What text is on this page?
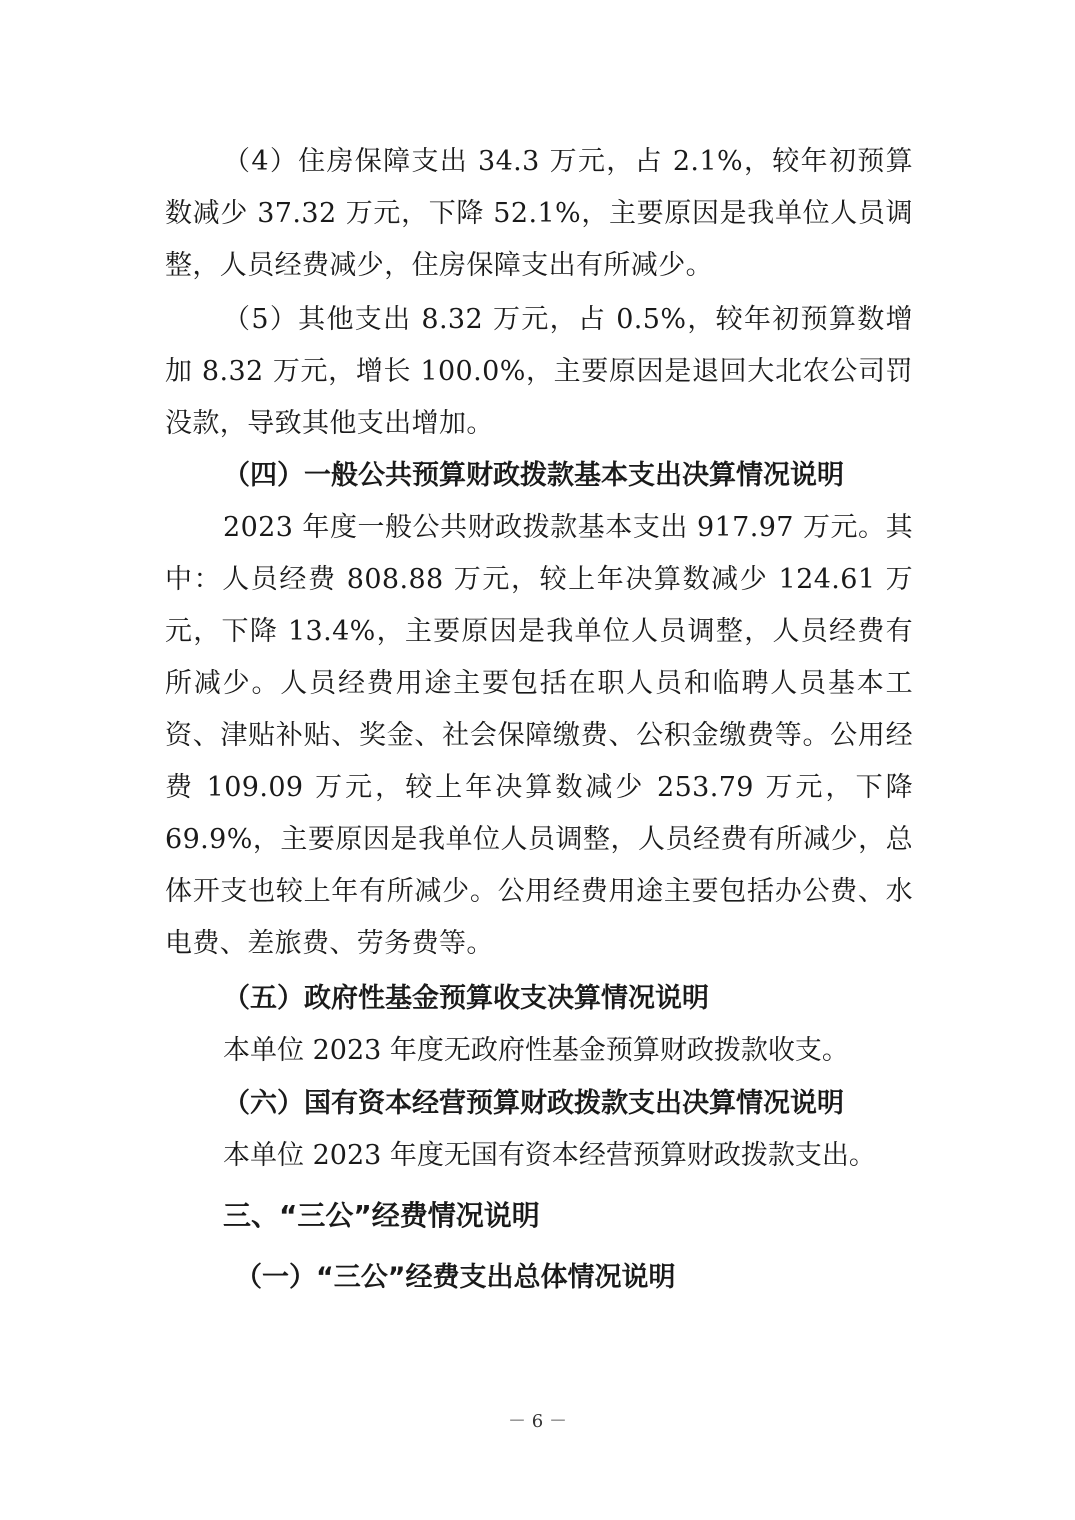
（4）住房保障支出 34.3 万元，占 2.1%，较年初预算数减少 37.32 万元，下降 52.1%，主要原因是我单位人员调整，人员经费减少，住房保障支出有所减少。

（5）其他支出 8.32 万元，占 0.5%，较年初预算数增加 8.32 万元，增长 100.0%，主要原因是退回大北农公司罚没款，导致其他支出增加。

（四）一般公共预算财政拨款基本支出决算情况说明

2023 年度一般公共财政拨款基本支出 917.97 万元。其中：人员经费 808.88 万元，较上年决算数减少 124.61 万元，下降 13.4%，主要原因是我单位人员调整，人员经费有所减少。人员经费用途主要包括在职人员和临聘人员基本工资、津贴补贴、奖金、社会保障缴费、公积金缴费等。公用经费 109.09 万元，较上年决算数减少 253.79 万元，下降 69.9%，主要原因是我单位人员调整，人员经费有所减少，总体开支也较上年有所减少。公用经费用途主要包括办公费、水电费、差旅费、劳务费等。

（五）政府性基金预算收支决算情况说明

本单位 2023 年度无政府性基金预算财政拨款收支。

（六）国有资本经营预算财政拨款支出决算情况说明

本单位 2023 年度无国有资本经营预算财政拨款支出。

三、“三公”经费情况说明
（一）“三公”经费支出总体情况说明
－ 6 －
